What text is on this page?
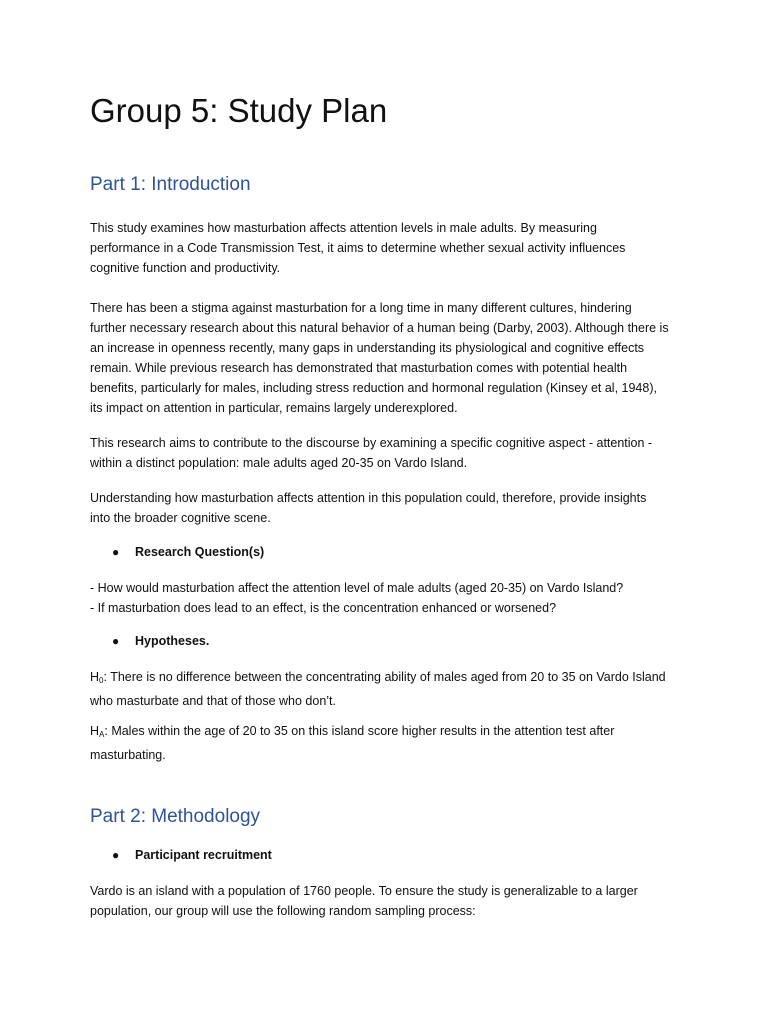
Group 5: Study Plan
Part 1: Introduction

This study examines how masturbation affects attention levels in male adults. By measuring
performance in a Code Transmission Test, it aims to determine whether sexual activity influences
cognitive function and productivity.

There has been a stigma against masturbation for a long time in many different cultures, hindering
further necessary research about this natural behavior of a human being (Darby, 2003). Although there is
an increase in openness recently, many gaps in understanding its physiological and cognitive effects
remain. While previous research has demonstrated that masturbation comes with potential health
benefits, particularly for males, including stress reduction and hormonal regulation (Kinsey et al, 1948),
its impact on attention in particular, remains largely underexplored.

This research aims to contribute to the discourse by examining a specific cognitive aspect - attention -
within a distinct population: male adults aged 20-35 on Vardo Island.

Understanding how masturbation affects attention in this population could, therefore, provide insights
into the broader cognitive scene.

● Research Question(s)

- How would masturbation affect the attention level of male adults (aged 20-35) on Vardo Island?
- If masturbation does lead to an effect, is the concentration enhanced or worsened?

● Hypotheses.

$H_0$: There is no difference between the concentrating ability of males aged from 20 to 35 on Vardo Island
who masturbate and that of those who don’t.

$H_A$: Males within the age of 20 to 35 on this island score higher results in the attention test after
masturbating.

Part 2: Methodology
● Participant recruitment

Vardo is an island with a population of 1760 people. To ensure the study is generalizable to a larger
population, our group will use the following random sampling process:
